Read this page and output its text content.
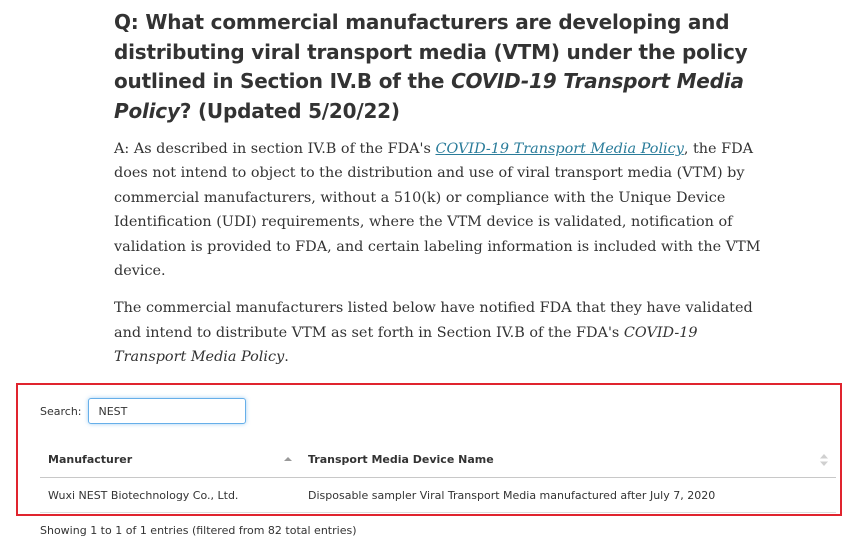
Q: What commercial manufacturers are developing and distributing viral transport media (VTM) under the policy outlined in Section IV.B of the COVID-19 Transport Media Policy? (Updated 5/20/22)

A: As described in section IV.B of the FDA's COVID-19 Transport Media Policy, the FDA does not intend to object to the distribution and use of viral transport media (VTM) by commercial manufacturers, without a 510(k) or compliance with the Unique Device Identification (UDI) requirements, where the VTM device is validated, notification of validation is provided to FDA, and certain labeling information is included with the VTM device.

The commercial manufacturers listed below have notified FDA that they have validated and intend to distribute VTM as set forth in Section IV.B of the FDA's COVID-19 Transport Media Policy.

Search:
NEST
Manufacturer	Transport Media Device Name

Wuxi NEST Biotechnology Co., Ltd.	Disposable sampler Viral Transport Media manufactured after July 7, 2020
Showing 1 to 1 of 1 entries (filtered from 82 total entries)
